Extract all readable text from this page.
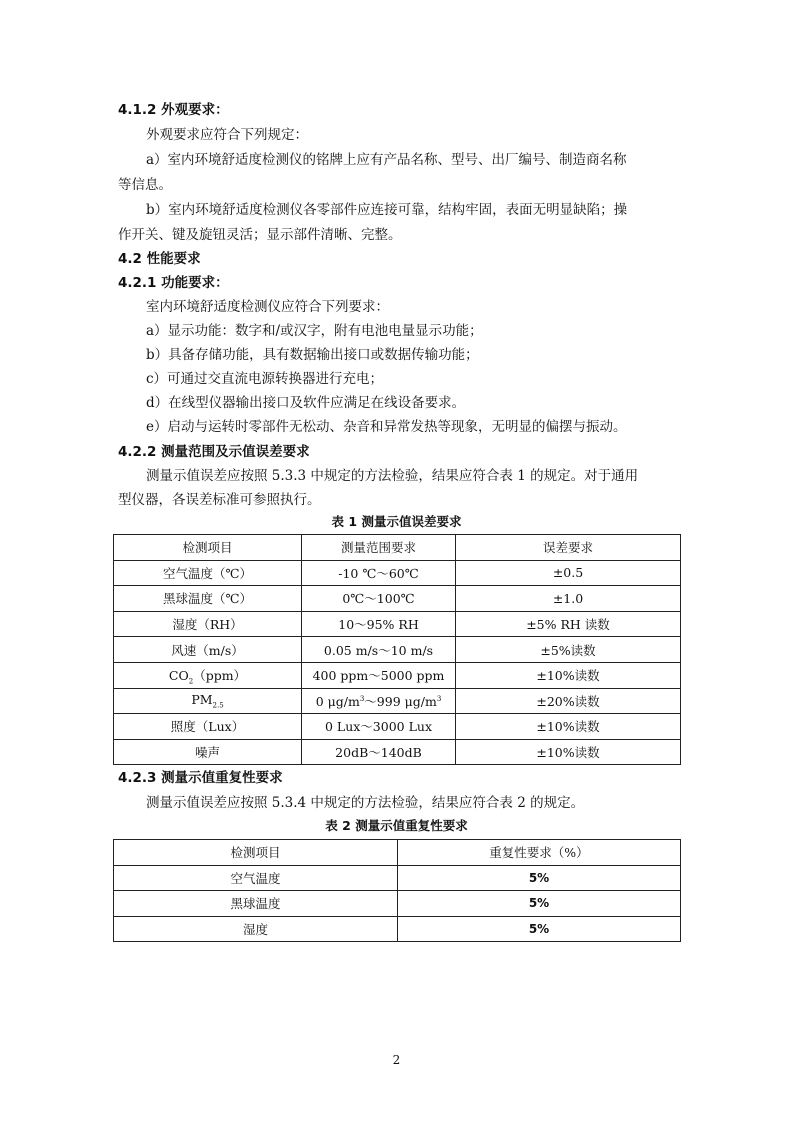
4.1.2 外观要求：
外观要求应符合下列规定：
a）室内环境舒适度检测仪的铭牌上应有产品名称、型号、出厂编号、制造商名称
等信息。
b）室内环境舒适度检测仪各零部件应连接可靠，结构牢固，表面无明显缺陷；操
作开关、键及旋钮灵活；显示部件清晰、完整。
4.2 性能要求
4.2.1 功能要求：
室内环境舒适度检测仪应符合下列要求：
a）显示功能：数字和/或汉字，附有电池电量显示功能；
b）具备存储功能，具有数据输出接口或数据传输功能；
c）可通过交直流电源转换器进行充电；
d）在线型仪器输出接口及软件应满足在线设备要求。
e）启动与运转时零部件无松动、杂音和异常发热等现象，无明显的偏摆与振动。
4.2.2 测量范围及示值误差要求
测量示值误差应按照 5.3.3 中规定的方法检验，结果应符合表 1 的规定。对于通用
型仪器，各误差标准可参照执行。
表 1 测量示值误差要求
检测项目	测量范围要求	误差要求
空气温度（℃）	-10 ℃～60℃	±0.5
黑球温度（℃）	0℃～100℃	±1.0
湿度（RH）	10～95% RH	±5% RH 读数
风速（m/s）	0.05 m/s～10 m/s	±5%读数
$CO_2(ppm)$	400 ppm～5000 ppm	±10%读数
$PM_{2.5}$	0 $\mu g/m^3\sim 999$ $\mu g/m^3$	±20%读数
照度（Lux）	0 Lux～3000 Lux	±10%读数
噪声	20dB～140dB	±10%读数
4.2.3 测量示值重复性要求
测量示值误差应按照 5.3.4 中规定的方法检验，结果应符合表 2 的规定。
表 2 测量示值重复性要求
检测项目	重复性要求（%）
空气温度	5%
黑球温度	5%
湿度	5%
2
